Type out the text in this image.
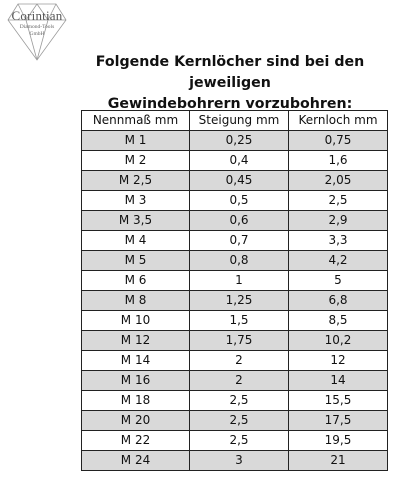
Corintian
Diamond-Tools
GmbH
Folgende Kernlöcher sind bei den jeweiligen
Gewindebohrern vorzubohren:
Nennmaß mm	Steigung mm	Kernloch mm
M 1	0,25	0,75
M 2	0,4	1,6
M 2,5	0,45	2,05
M 3	0,5	2,5
M 3,5	0,6	2,9
M 4	0,7	3,3
M 5	0,8	4,2
M 6	1	5
M 8	1,25	6,8
M 10	1,5	8,5
M 12	1,75	10,2
M 14	2	12
M 16	2	14
M 18	2,5	15,5
M 20	2,5	17,5
M 22	2,5	19,5
M 24	3	21
